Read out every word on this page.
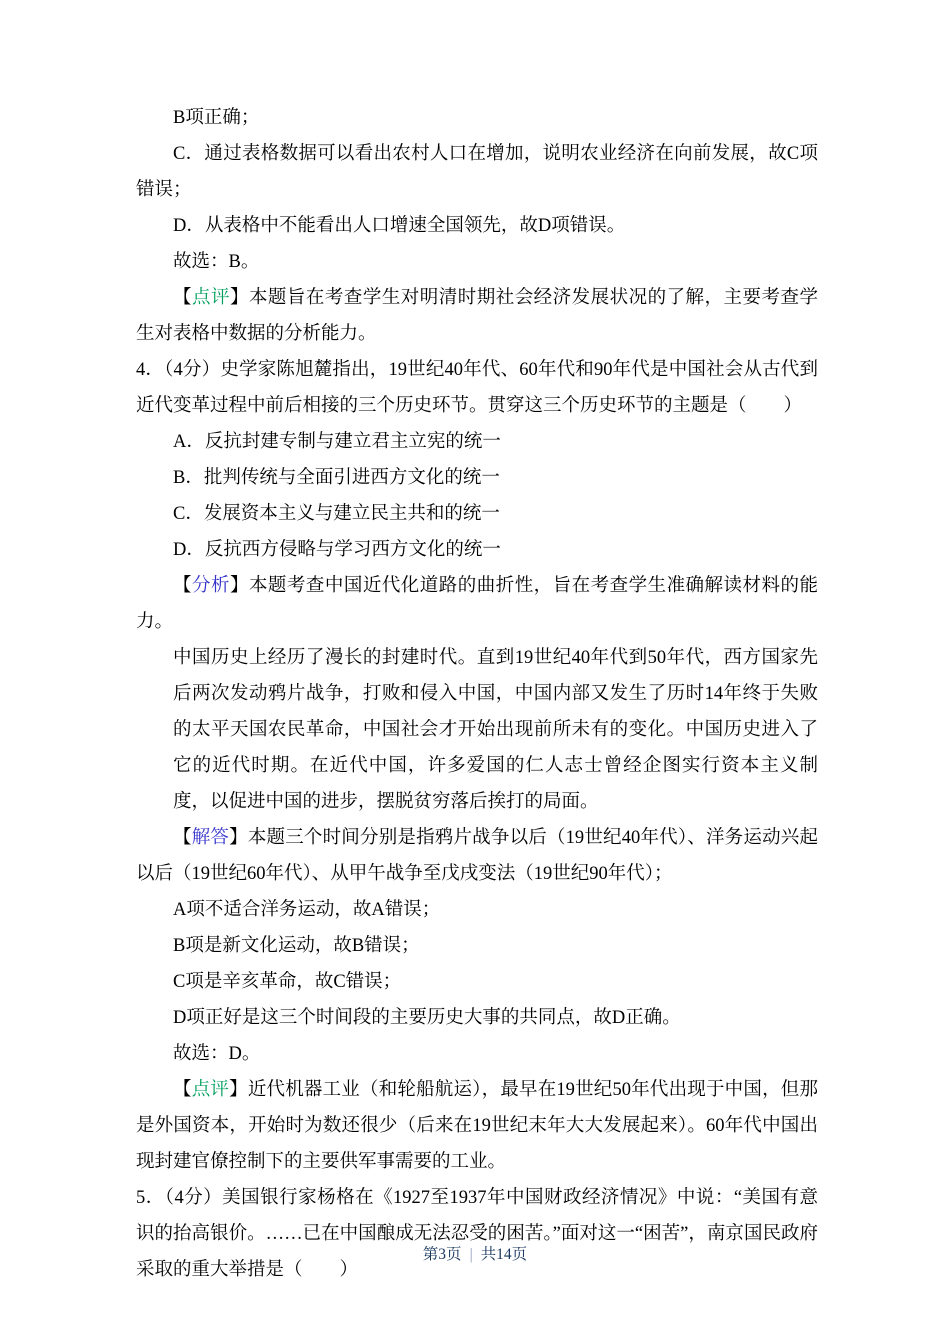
B项正确；

C．通过表格数据可以看出农村人口在增加，说明农业经济在向前发展，故C项错误；

D．从表格中不能看出人口增速全国领先，故D项错误。

故选：B。

【点评】本题旨在考查学生对明清时期社会经济发展状况的了解，主要考查学生对表格中数据的分析能力。

4．（4分）史学家陈旭麓指出，19世纪40年代、60年代和90年代是中国社会从古代到近代变革过程中前后相接的三个历史环节。贯穿这三个历史环节的主题是（　　）

A．反抗封建专制与建立君主立宪的统一

B．批判传统与全面引进西方文化的统一

C．发展资本主义与建立民主共和的统一

D．反抗西方侵略与学习西方文化的统一

【分析】本题考查中国近代化道路的曲折性，旨在考查学生准确解读材料的能力。

中国历史上经历了漫长的封建时代。直到19世纪40年代到50年代，西方国家先后两次发动鸦片战争，打败和侵入中国，中国内部又发生了历时14年终于失败的太平天国农民革命，中国社会才开始出现前所未有的变化。中国历史进入了它的近代时期。在近代中国，许多爱国的仁人志士曾经企图实行资本主义制度，以促进中国的进步，摆脱贫穷落后挨打的局面。

【解答】本题三个时间分别是指鸦片战争以后（19世纪40年代）、洋务运动兴起以后（19世纪60年代）、从甲午战争至戊戌变法（19世纪90年代）；

A项不适合洋务运动，故A错误；

B项是新文化运动，故B错误；

C项是辛亥革命，故C错误；

D项正好是这三个时间段的主要历史大事的共同点，故D正确。

故选：D。

【点评】近代机器工业（和轮船航运），最早在19世纪50年代出现于中国，但那是外国资本，开始时为数还很少（后来在19世纪末年大大发展起来）。60年代中国出现封建官僚控制下的主要供军事需要的工业。

5．（4分）美国银行家杨格在《1927至1937年中国财政经济情况》中说：“美国有意识的抬高银价。……已在中国酿成无法忍受的困苦。”面对这一“困苦”，南京国民政府采取的重大举措是（　　）

第3页 | 共14页
